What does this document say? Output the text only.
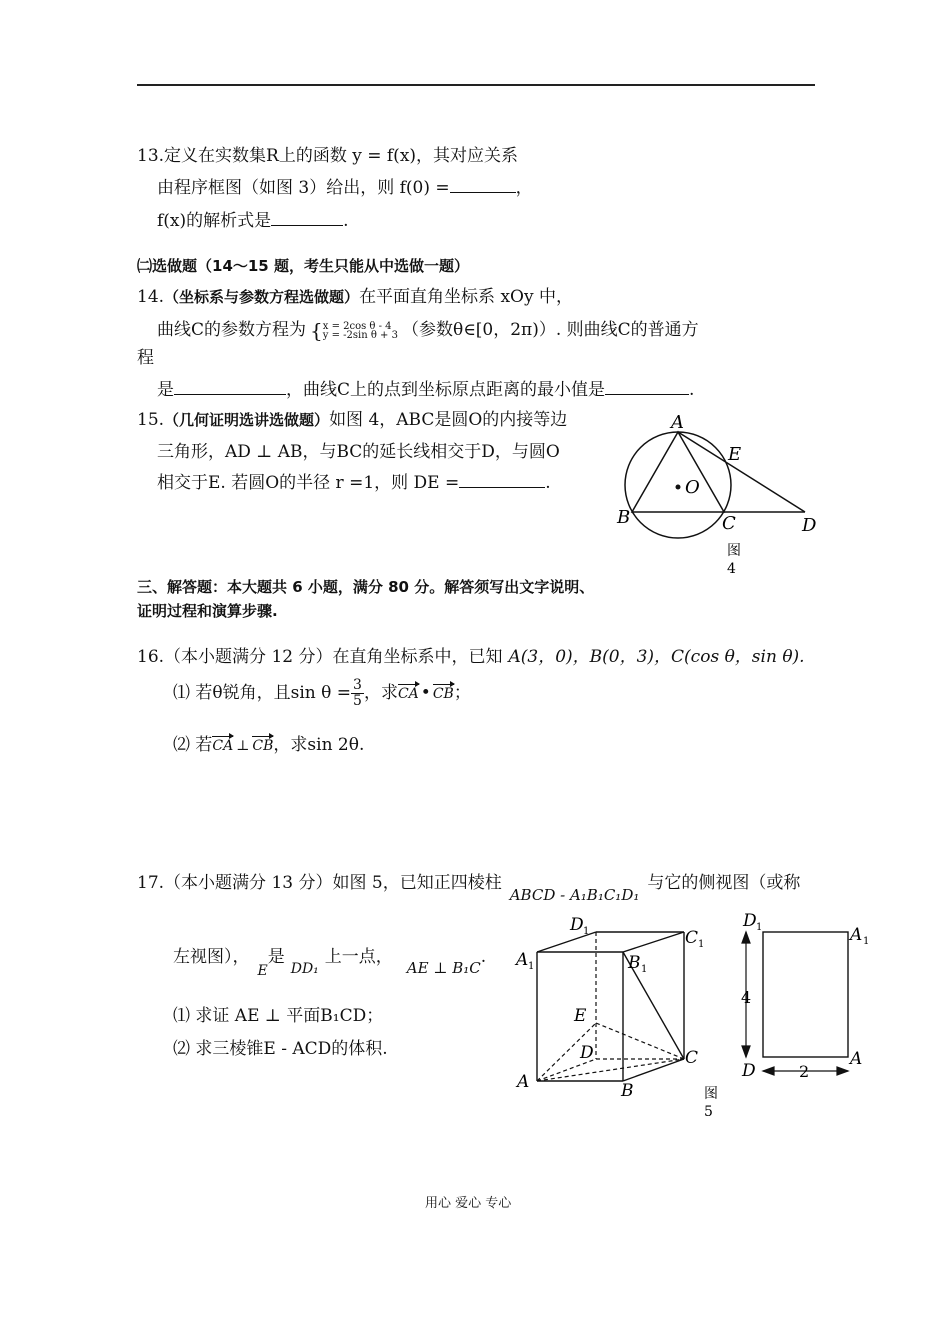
13.定义在实数集R上的函数 y = f(x)，其对应关系
由程序框图（如图 3）给出，则 f(0) =	，
f(x)的解析式是	.
㈡选做题（14～15 题，考生只能从中选做一题）
14.（坐标系与参数方程选做题）在平面直角坐标系 xOy 中，
曲线C的参数方程为 { x = 2cos θ - 4
y = -2sin θ + 3 （参数θ∈[0，2π)）. 则曲线C的普通方
程
是	，曲线C上的点到坐标原点距离的最小值是	.
15.（几何证明选讲选做题）如图 4，ABC是圆O的内接等边
三角形，AD ⊥ AB，与BC的延长线相交于D，与圆O
相交于E. 若圆O的半径 r =1，则 DE =	.
A
E
O
B	C	D
图
4
三、解答题：本大题共 6 小题，满分 80 分。解答须写出文字说明、
证明过程和演算步骤.
16.（本小题满分 12 分）在直角坐标系中，已知 A(3，0)，B(0，3)，C(cos θ，sin θ).
⑴ 若θ锐角，且$\sin \theta = \frac{3}{5}$ ，求CA • CB；
⑵ 若CA ⊥ CB，求sin 2θ.
17.（本小题满分 13 分）如图 5，已知正四棱柱ABCD - A₁B₁C₁D₁与它的侧视图（或称
左视图），$_E$是$_{DD_1}$上一点，AE ⊥ B₁C.
⑴ 求证 AE ⊥ 平面B₁CD；
⑵ 求三棱锥E - ACD的体积.
D 1	C 1
A 1	B 1
E
D	C
A	B	图
5
4
2
D 1	A 1
D
A
用心 爱心 专心
